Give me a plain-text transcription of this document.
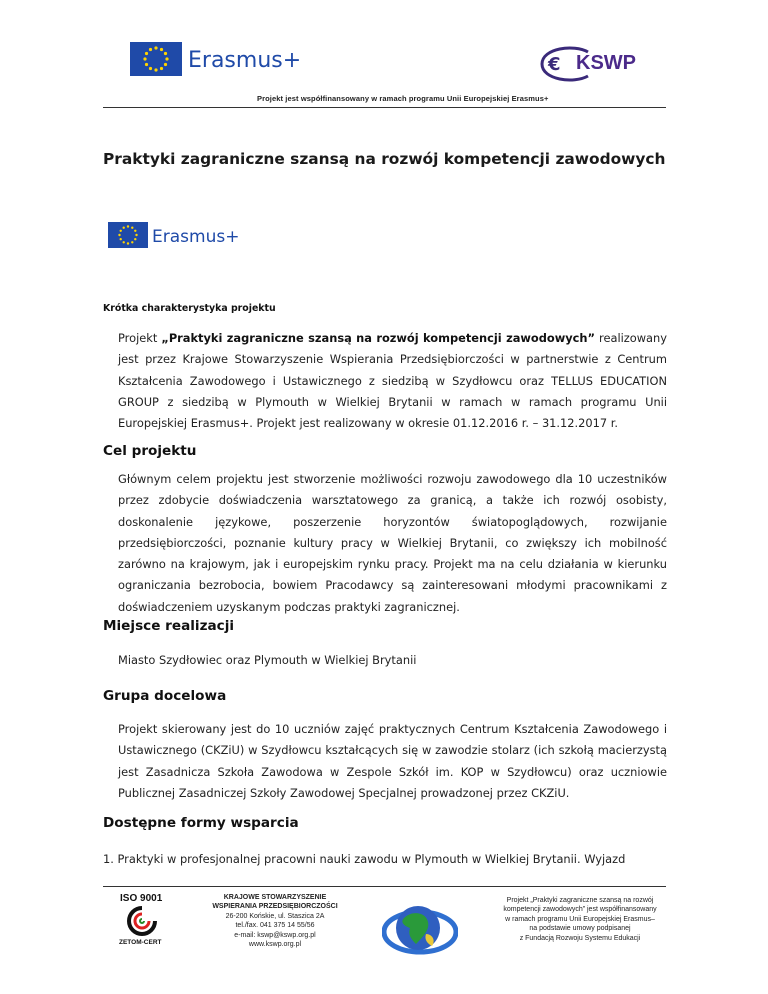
Erasmus+	€ KSWP
Projekt jest współfinansowany w ramach programu Unii Europejskiej Erasmus+
Praktyki zagraniczne szansą na rozwój kompetencji zawodowych
Erasmus+
Krótka charakterystyka projektu

Projekt „Praktyki zagraniczne szansą na rozwój kompetencji zawodowych” realizowany jest przez Krajowe Stowarzyszenie Wspierania Przedsiębiorczości w partnerstwie z Centrum Kształcenia Zawodowego i Ustawicznego z siedzibą w Szydłowcu oraz TELLUS EDUCATION GROUP z siedzibą w Plymouth w Wielkiej Brytanii w ramach w ramach programu Unii Europejskiej Erasmus+. Projekt jest realizowany w okresie 01.12.2016 r. – 31.12.2017 r.

Cel projektu

Głównym celem projektu jest stworzenie możliwości rozwoju zawodowego dla 10 uczestników przez zdobycie doświadczenia warsztatowego za granicą, a także ich rozwój osobisty, doskonalenie językowe, poszerzenie horyzontów światopoglądowych, rozwijanie przedsiębiorczości, poznanie kultury pracy w Wielkiej Brytanii, co zwiększy ich mobilność zarówno na krajowym, jak i europejskim rynku pracy. Projekt ma na celu działania w kierunku ograniczania bezrobocia, bowiem Pracodawcy są zainteresowani młodymi pracownikami z doświadczeniem uzyskanym podczas praktyki zagranicznej.

Miejsce realizacji
Miasto Szydłowiec oraz Plymouth w Wielkiej Brytanii
Grupa docelowa

Projekt skierowany jest do 10 uczniów zajęć praktycznych Centrum Kształcenia Zawodowego i Ustawicznego (CKZiU) w Szydłowcu kształcących się w zawodzie stolarz (ich szkołą macierzystą jest Zasadnicza Szkoła Zawodowa w Zespole Szkół im. KOP w Szydłowcu) oraz uczniowie Publicznej Zasadniczej Szkoły Zawodowej Specjalnej prowadzonej przez CKZiU.

Dostępne formy wsparcia
1. Praktyki w profesjonalnej pracowni nauki zawodu w Plymouth w Wielkiej Brytanii. Wyjazd
ISO 9001
ZETOM-CERT
KRAJOWE STOWARZYSZENIE
WSPIERANIA PRZEDSIĘBIORCZOŚCI
26-200 Końskie, ul. Staszica 2A
tel./fax. 041 375 14 55/56
e-mail: kswp@kswp.org.pl
www.kswp.org.pl
Projekt „Praktyki zagraniczne szansą na rozwój
kompetencji zawodowych” jest współfinansowany
w ramach programu Unii Europejskiej Erasmus–
na podstawie umowy podpisanej
z Fundacją Rozwoju Systemu Edukacji
